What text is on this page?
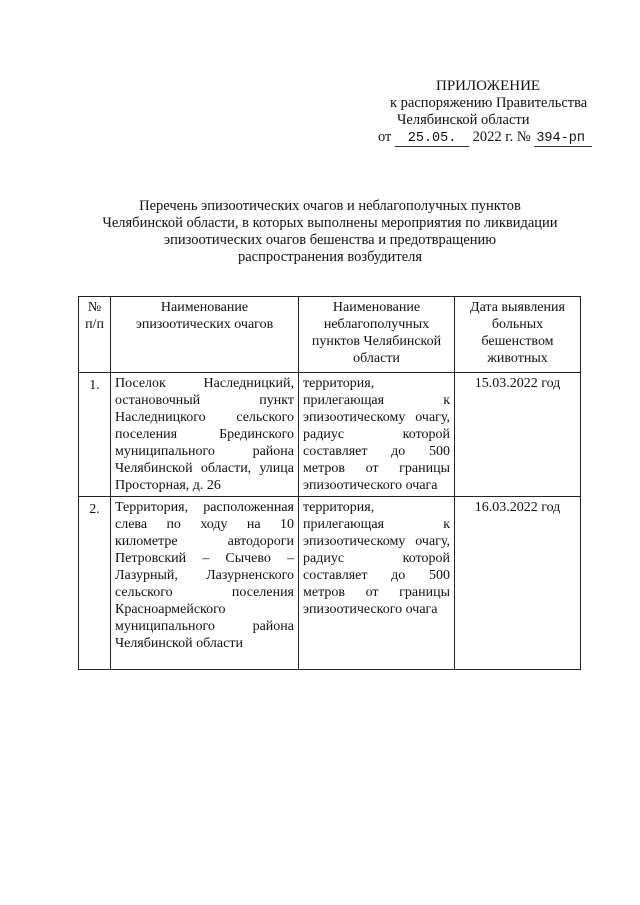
ПРИЛОЖЕНИЕ
к распоряжению Правительства
Челябинской области
от 25.05. 2022 г. № 394-рп
Перечень эпизоотических очагов и неблагополучных пунктов
Челябинской области, в которых выполнены мероприятия по ликвидации
эпизоотических очагов бешенства и предотвращению
распространения возбудителя
№ п/п	Наименование эпизоотических очагов	Наименование неблагополучных пунктов Челябинской области	Дата выявления больных бешенством животных
1.	Поселок Наследницкий, остановочный пункт Наследницкого сельского поселения Брединского муниципального района Челябинской области, улица Просторная, д. 26	территория, прилегающая к эпизоотическому очагу, радиус которой составляет до 500 метров от границы эпизоотического очага	15.03.2022 год
2.	Территория, расположенная слева по ходу на 10 километре автодороги Петровский – Сычево – Лазурный, Лазурненского сельского поселения Красноармейского муниципального района Челябинской области	территория, прилегающая к эпизоотическому очагу, радиус которой составляет до 500 метров от границы эпизоотического очага	16.03.2022 год
